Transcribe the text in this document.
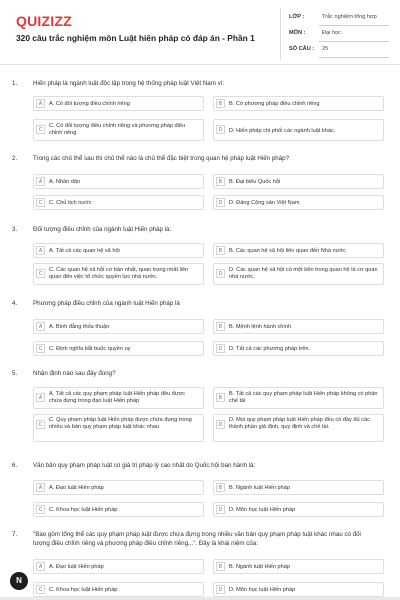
QUIZIZZ
320 câu trắc nghiệm môn Luật hiến pháp có đáp án - Phần 1
LỚP :	Trắc nghiệm tổng hợp
MÔN :	Đại học
SỐ CÂU : 25
1.	Hiến pháp là ngành luật độc lập trong hệ thống pháp luật Việt Nam vì:
A	A. Có đối tượng điều chỉnh riêng	B	B. Có phương pháp điều chỉnh riêng
C
C. Có đối tượng điều chỉnh riêng và phương pháp điều chỉnh riêng	D	D. Hiến pháp chi phối các ngành luật khác.
2.	Trong các chủ thể sau thì chủ thể nào là chủ thể đặc biệt trong quan hệ pháp luật Hiến pháp?
A	A. Nhân dân	B	B. Đại biểu Quốc hội
C	C. Chủ tịch nước	D	D. Đảng Cộng sản Việt Nam
3.	Đối tượng điều chỉnh của ngành luật Hiến pháp là:
A	A. Tất cả các quan hệ xã hội	B	B. Các quan hệ xã hội liên quan đến Nhà nước
C
C. Các quan hệ xã hội cơ bản nhất, quan trọng nhất liên quan đến việc tổ chức quyền lực nhà nước.	D
D. Các quan hệ xã hội có một bên trong quan hệ là cơ quan nhà nước.
4.	Phương pháp điều chỉnh của ngành luật Hiến pháp là
A	A. Bình đẳng thỏa thuận	B	B. Mệnh lệnh hành chính
C	C. Định nghĩa bắt buộc quyền uy	D	D. Tất cả các phương pháp trên.
5.	Nhận định nào sau đây đúng?
A
A. Tất cả các quy phạm pháp luật Hiến pháp đều được chứa đựng trong đạo luật Hiến pháp	B
B. Tất cả các quy phạm pháp luật Hiến pháp không có phần chế tài
C
C. Quy phạm pháp luật Hiến pháp được chứa đựng trong nhiều và bản quy phạm pháp luật khác nhau	D
D. Mọi quy phạm pháp luật Hiến pháp đều có đầy đủ các thành phần giả định, quy định và chế tài.
6.	Văn bản quy phạm pháp luật có giá trị pháp lý cao nhất do Quốc hội ban hành là:
A	A. Đạo luật Hiến pháp	B	B. Ngành luật Hiến pháp
C	C. Khoa học luật Hiến pháp	D	D. Môn học luật Hiến pháp
7.	"Bao gồm tổng thể các quy phạm pháp luật được chứa đựng trong nhiều văn bản quy phạm pháp luật khác nhau có đối tượng điều chỉnh riêng và phương pháp điều chỉnh riêng...". Đây là khái niệm của:
A	A. Đạo luật Hiến pháp	B	B. Ngành luật Hiến pháp
C	C. Khoa học luật Hiến pháp	D	D. Môn học luật Hiến pháp
N
